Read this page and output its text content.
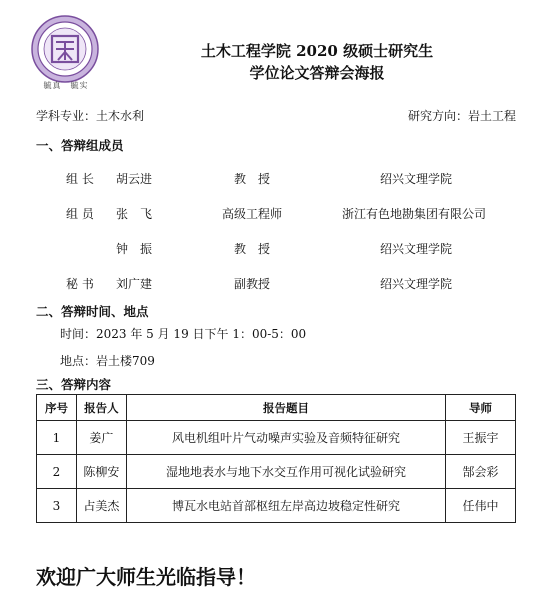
毓真　毓实
土木工程学院 2020 级硕士研究生
学位论文答辩会海报
学科专业：土木水利	研究方向：岩土工程
一、答辩组成员
组 长 胡云进	教　授	绍兴文理学院
组 员 张　飞	高级工程师	浙江有色地勘集团有限公司
钟　振	教　授	绍兴文理学院
秘 书 刘广建	副教授	绍兴文理学院
二、答辩时间、地点
时间：2023 年 5 月 19 日下午 1：00-5：00
地点：岩土楼709
三、答辩内容
序号	报告人	报告题目	导师
1	姜广	风电机组叶片气动噪声实验及音频特征研究	王振宇
2	陈柳安	湿地地表水与地下水交互作用可视化试验研究	郜会彩
3	占美杰	博瓦水电站首部枢纽左岸高边坡稳定性研究	任伟中
欢迎广大师生光临指导！
